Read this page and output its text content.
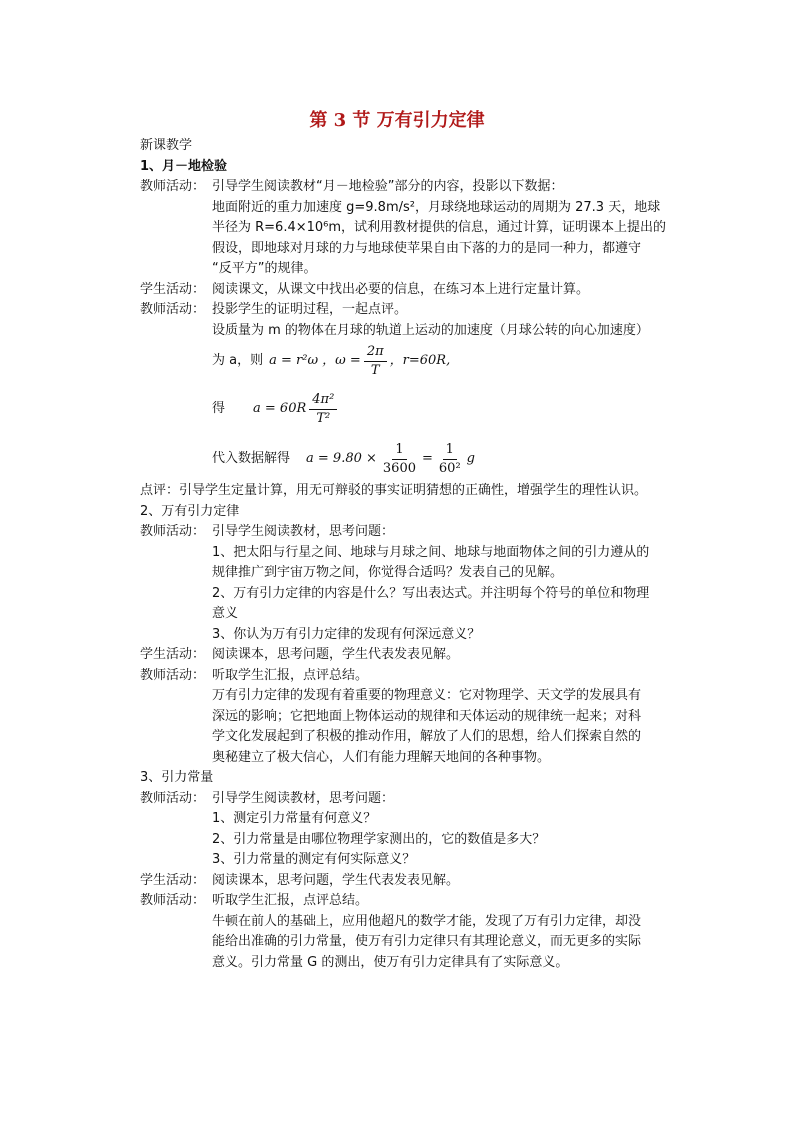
第 3 节 万有引力定律
新课教学
1、月－地检验
教师活动： 引导学生阅读教材“月－地检验”部分的内容，投影以下数据：
地面附近的重力加速度 g=9.8m/s²，月球绕地球运动的周期为 27.3 天，地球
半径为 R=6.4×10⁶m，试利用教材提供的信息，通过计算，证明课本上提出的
假设，即地球对月球的力与地球使苹果自由下落的力的是同一种力，都遵守
“反平方”的规律。
学生活动： 阅读课文，从课文中找出必要的信息，在练习本上进行定量计算。
教师活动： 投影学生的证明过程，一起点评。
设质量为 m 的物体在月球的轨道上运动的加速度（月球公转的向心加速度）
为 a，则 a = r²ω ，$\omega = \frac{2\pi}{T}$ ，r=60R,
得 $a = 60R \frac{\text{4π²}}{\text{T²}}$
代入数据解得 $a = 9.80 \times \frac{1}{3600} = \frac{1}{\text{60²}}$ g
点评： 引导学生定量计算，用无可辩驳的事实证明猜想的正确性，增强学生的理性认识。
2、万有引力定律
教师活动： 引导学生阅读教材，思考问题：
1、把太阳与行星之间、地球与月球之间、地球与地面物体之间的引力遵从的
规律推广到宇宙万物之间，你觉得合适吗？发表自己的见解。
2、万有引力定律的内容是什么？写出表达式。并注明每个符号的单位和物理
意义
3、你认为万有引力定律的发现有何深远意义？
学生活动： 阅读课本，思考问题，学生代表发表见解。
教师活动： 听取学生汇报，点评总结。
万有引力定律的发现有着重要的物理意义：它对物理学、天文学的发展具有
深远的影响；它把地面上物体运动的规律和天体运动的规律统一起来；对科
学文化发展起到了积极的推动作用，解放了人们的思想，给人们探索自然的
奥秘建立了极大信心，人们有能力理解天地间的各种事物。
3、引力常量
教师活动： 引导学生阅读教材，思考问题：
1、测定引力常量有何意义？
2、引力常量是由哪位物理学家测出的，它的数值是多大？
3、引力常量的测定有何实际意义？
学生活动： 阅读课本，思考问题，学生代表发表见解。
教师活动： 听取学生汇报，点评总结。
牛顿在前人的基础上，应用他超凡的数学才能，发现了万有引力定律，却没
能给出准确的引力常量，使万有引力定律只有其理论意义，而无更多的实际
意义。引力常量 G 的测出，使万有引力定律具有了实际意义。
